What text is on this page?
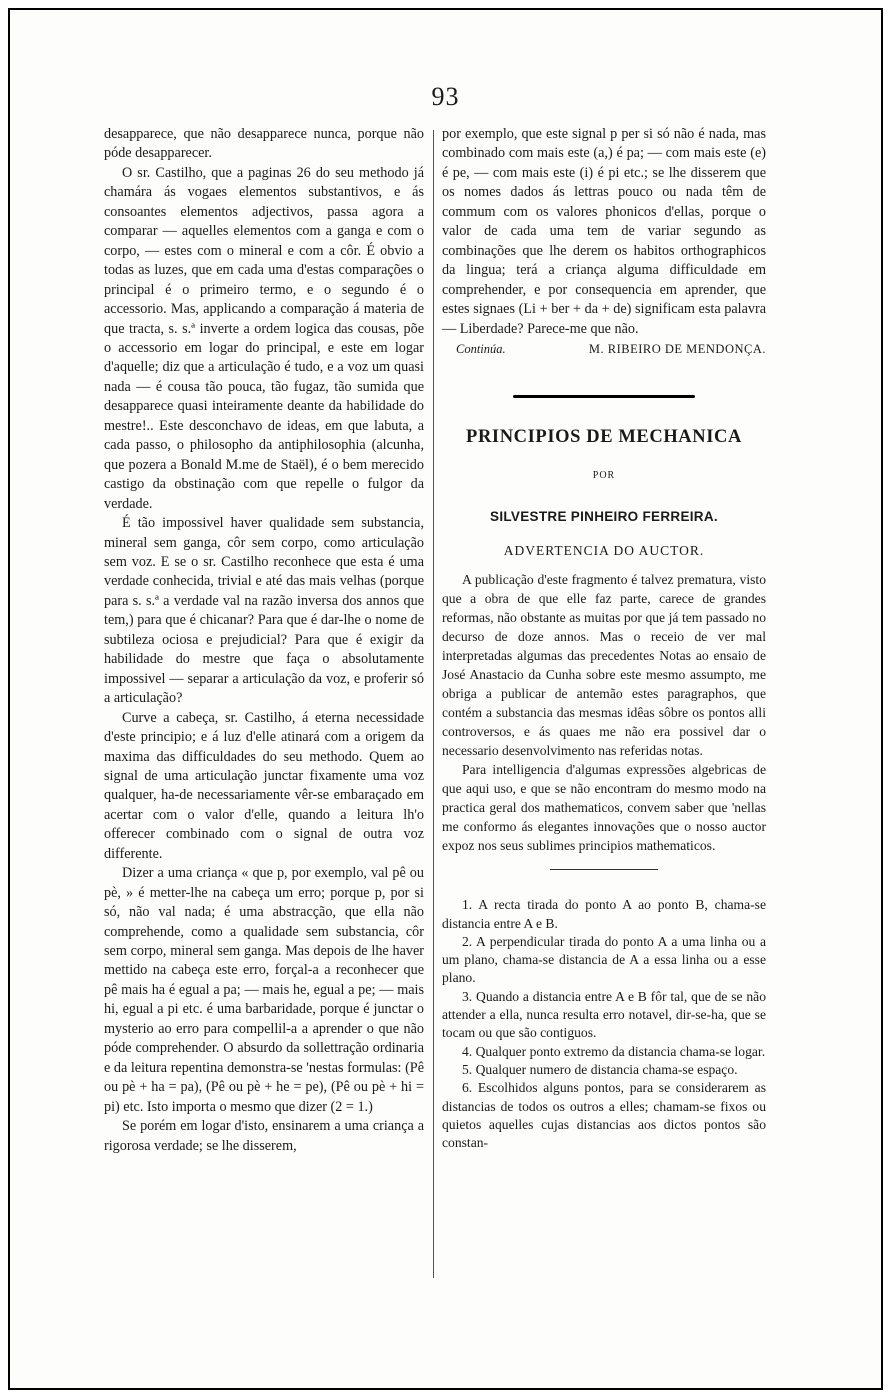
93

desapparece, que não desapparece nunca, porque não póde desapparecer.

O sr. Castilho, que a paginas 26 do seu methodo já chamára ás vogaes elementos substantivos, e ás consoantes elementos adjectivos, passa agora a comparar — aquelles elementos com a ganga e com o corpo, — estes com o mineral e com a côr. É obvio a todas as luzes, que em cada uma d'estas comparações o principal é o primeiro termo, e o segundo é o accessorio. Mas, applicando a comparação á materia de que tracta, s. s.ª inverte a ordem logica das cousas, põe o accessorio em logar do principal, e este em logar d'aquelle; diz que a articulação é tudo, e a voz um quasi nada — é cousa tão pouca, tão fugaz, tão sumida que desapparece quasi inteiramente deante da habilidade do mestre!.. Este desconchavo de ideas, em que labuta, a cada passo, o philosopho da antiphilosophia (alcunha, que pozera a Bonald M.me de Staël), é o bem merecido castigo da obstinação com que repelle o fulgor da verdade.

É tão impossivel haver qualidade sem substancia, mineral sem ganga, côr sem corpo, como articulação sem voz. E se o sr. Castilho reconhece que esta é uma verdade conhecida, trivial e até das mais velhas (porque para s. s.ª a verdade val na razão inversa dos annos que tem,) para que é chicanar? Para que é dar-lhe o nome de subtileza ociosa e prejudicial? Para que é exigir da habilidade do mestre que faça o absolutamente impossivel — separar a articulação da voz, e proferir só a articulação?

Curve a cabeça, sr. Castilho, á eterna necessidade d'este principio; e á luz d'elle atinará com a origem da maxima das difficuldades do seu methodo. Quem ao signal de uma articulação junctar fixamente uma voz qualquer, ha-de necessariamente vêr-se embaraçado em acertar com o valor d'elle, quando a leitura lh'o offerecer combinado com o signal de outra voz differente.

Dizer a uma criança « que p, por exemplo, val pê ou pè, » é metter-lhe na cabeça um erro; porque p, por si só, não val nada; é uma abstracção, que ella não comprehende, como a qualidade sem substancia, côr sem corpo, mineral sem ganga. Mas depois de lhe haver mettido na cabeça este erro, forçal-a a reconhecer que pê mais ha é egual a pa; — mais he, egual a pe; — mais hi, egual a pi etc. é uma barbaridade, porque é junctar o mysterio ao erro para compellil-a a aprender o que não póde comprehender. O absurdo da sollettração ordinaria e da leitura repentina demonstra-se 'nestas formulas: (Pê ou pè + ha = pa), (Pê ou pè + he = pe), (Pê ou pè + hi = pi) etc. Isto importa o mesmo que dizer (2 = 1.)

Se porém em logar d'isto, ensinarem a uma criança a rigorosa verdade; se lhe disserem,

por exemplo, que este signal p per si só não é nada, mas combinado com mais este (a,) é pa; — com mais este (e) é pe, — com mais este (i) é pi etc.; se lhe disserem que os nomes dados ás lettras pouco ou nada têm de commum com os valores phonicos d'ellas, porque o valor de cada uma tem de variar segundo as combinações que lhe derem os habitos orthographicos da lingua; terá a criança alguma difficuldade em comprehender, e por consequencia em aprender, que estes signaes (Li + ber + da + de) significam esta palavra — Liberdade? Parece-me que não.

Continúa.	M. RIBEIRO DE MENDONÇA.
PRINCIPIOS DE MECHANICA
POR
SILVESTRE PINHEIRO FERREIRA.
ADVERTENCIA DO AUCTOR.

A publicação d'este fragmento é talvez prematura, visto que a obra de que elle faz parte, carece de grandes reformas, não obstante as muitas por que já tem passado no decurso de doze annos. Mas o receio de ver mal interpretadas algumas das precedentes Notas ao ensaio de José Anastacio da Cunha sobre este mesmo assumpto, me obriga a publicar de antemão estes paragraphos, que contém a substancia das mesmas idêas sôbre os pontos alli controversos, e ás quaes me não era possivel dar o necessario desenvolvimento nas referidas notas.

Para intelligencia d'algumas expressões algebricas de que aqui uso, e que se não encontram do mesmo modo na practica geral dos mathematicos, convem saber que 'nellas me conformo ás elegantes innovações que o nosso auctor expoz nos seus sublimes principios mathematicos.

1. A recta tirada do ponto A ao ponto B, chama-se distancia entre A e B.

2. A perpendicular tirada do ponto A a uma linha ou a um plano, chama-se distancia de A a essa linha ou a esse plano.

3. Quando a distancia entre A e B fôr tal, que de se não attender a ella, nunca resulta erro notavel, dir-se-ha, que se tocam ou que são contiguos.

4. Qualquer ponto extremo da distancia chama-se logar.

5. Qualquer numero de distancia chama-se espaço.

6. Escolhidos alguns pontos, para se considerarem as distancias de todos os outros a elles; chamam-se fixos ou quietos aquelles cujas distancias aos dictos pontos são constan-
